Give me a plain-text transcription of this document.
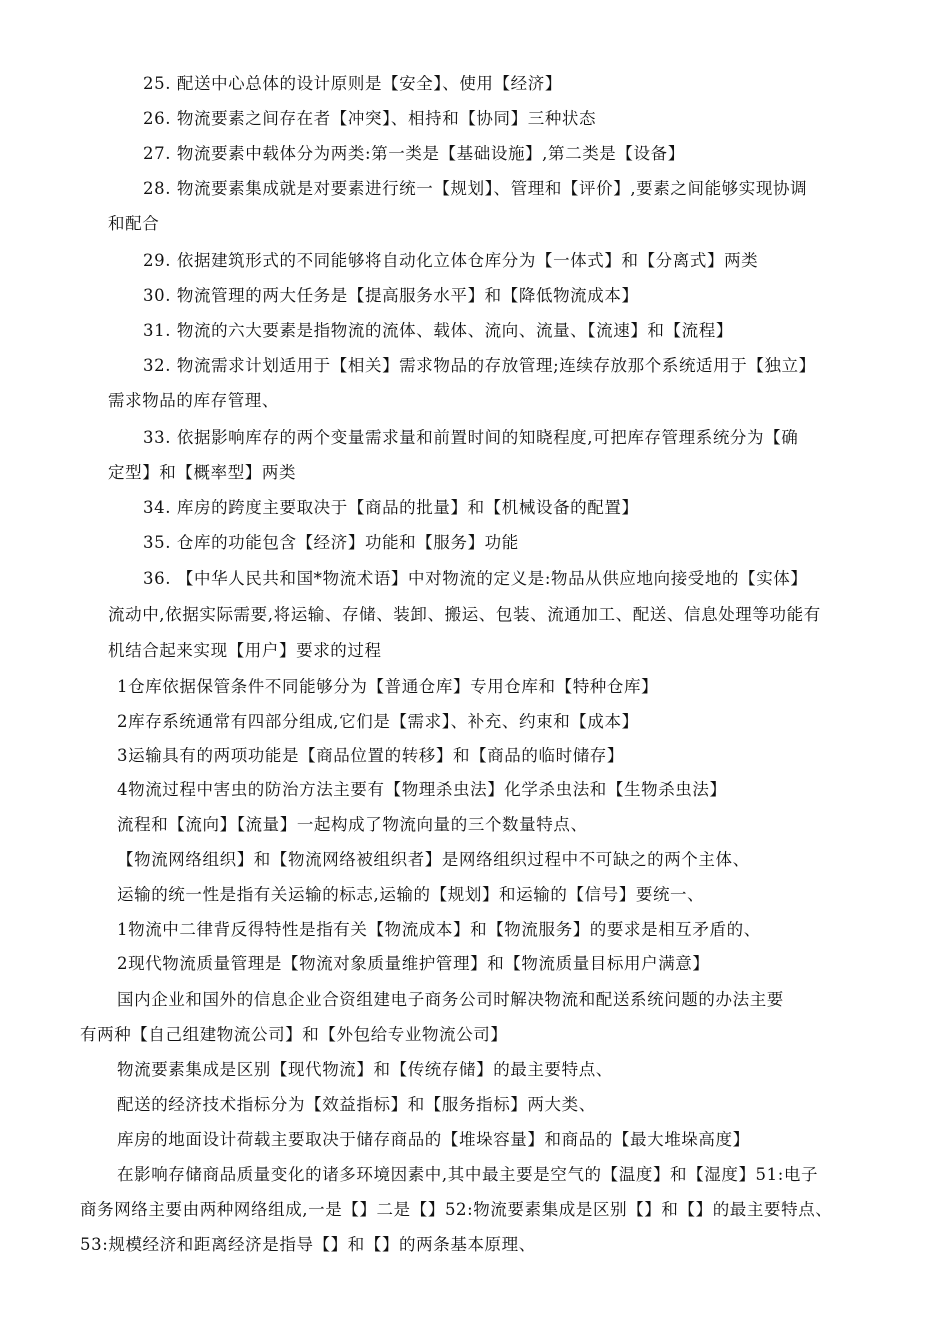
25. 配送中心总体的设计原则是【安全】、使用【经济】
26. 物流要素之间存在者【冲突】、相持和【协同】三种状态
27. 物流要素中载体分为两类:第一类是【基础设施】,第二类是【设备】
28. 物流要素集成就是对要素进行统一【规划】、管理和【评价】,要素之间能够实现协调
和配合
29. 依据建筑形式的不同能够将自动化立体仓库分为【一体式】和【分离式】两类
30. 物流管理的两大任务是【提高服务水平】和【降低物流成本】
31. 物流的六大要素是指物流的流体、载体、流向、流量、【流速】和【流程】
32. 物流需求计划适用于【相关】需求物品的存放管理;连续存放那个系统适用于【独立】
需求物品的库存管理、
33. 依据影响库存的两个变量需求量和前置时间的知晓程度,可把库存管理系统分为【确
定型】和【概率型】两类
34. 库房的跨度主要取决于【商品的批量】和【机械设备的配置】
35. 仓库的功能包含【经济】功能和【服务】功能
36. 【中华人民共和国*物流术语】中对物流的定义是:物品从供应地向接受地的【实体】
流动中,依据实际需要,将运输、存储、装卸、搬运、包装、流通加工、配送、信息处理等功能有
机结合起来实现【用户】要求的过程
1仓库依据保管条件不同能够分为【普通仓库】专用仓库和【特种仓库】
2库存系统通常有四部分组成,它们是【需求】、补充、约束和【成本】
3运输具有的两项功能是【商品位置的转移】和【商品的临时储存】
4物流过程中害虫的防治方法主要有【物理杀虫法】化学杀虫法和【生物杀虫法】
流程和【流向】【流量】一起构成了物流向量的三个数量特点、
【物流网络组织】和【物流网络被组织者】是网络组织过程中不可缺之的两个主体、
运输的统一性是指有关运输的标志,运输的【规划】和运输的【信号】要统一、
1物流中二律背反得特性是指有关【物流成本】和【物流服务】的要求是相互矛盾的、
2现代物流质量管理是【物流对象质量维护管理】和【物流质量目标用户满意】
国内企业和国外的信息企业合资组建电子商务公司时解决物流和配送系统问题的办法主要
有两种【自己组建物流公司】和【外包给专业物流公司】
物流要素集成是区别【现代物流】和【传统存储】的最主要特点、
配送的经济技术指标分为【效益指标】和【服务指标】两大类、
库房的地面设计荷载主要取决于储存商品的【堆垛容量】和商品的【最大堆垛高度】
在影响存储商品质量变化的诸多环境因素中,其中最主要是空气的【温度】和【湿度】51:电子
商务网络主要由两种网络组成,一是【】二是【】52:物流要素集成是区别【】和【】的最主要特点、
53:规模经济和距离经济是指导【】和【】的两条基本原理、
